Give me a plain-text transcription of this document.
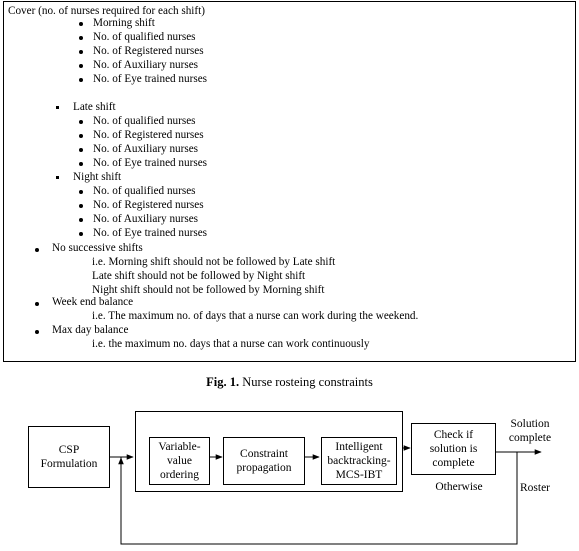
Cover (no. of nurses required for each shift)
Morning shift
No. of qualified nurses
No. of Registered nurses
No. of Auxiliary nurses
No. of Eye trained nurses
Late shift
No. of qualified nurses
No. of Registered nurses
No. of Auxiliary nurses
No. of Eye trained nurses
Night shift
No. of qualified nurses
No. of Registered nurses
No. of Auxiliary nurses
No. of Eye trained nurses
No successive shifts
i.e. Morning shift should not be followed by Late shift
Late shift should not be followed by Night shift
Night shift should not be followed by Morning shift
Week end balance
i.e. The maximum no. of days that a nurse can work during the weekend.
Max day balance
i.e. the maximum no. days that a nurse can work continuously
Fig. 1. Nurse rosteing constraints
CSP
Formulation
Variable-
value
ordering
Constraint
propagation
Intelligent
backtracking-
MCS-IBT
Check if
solution is
complete
Solution
complete
Otherwise	Roster
